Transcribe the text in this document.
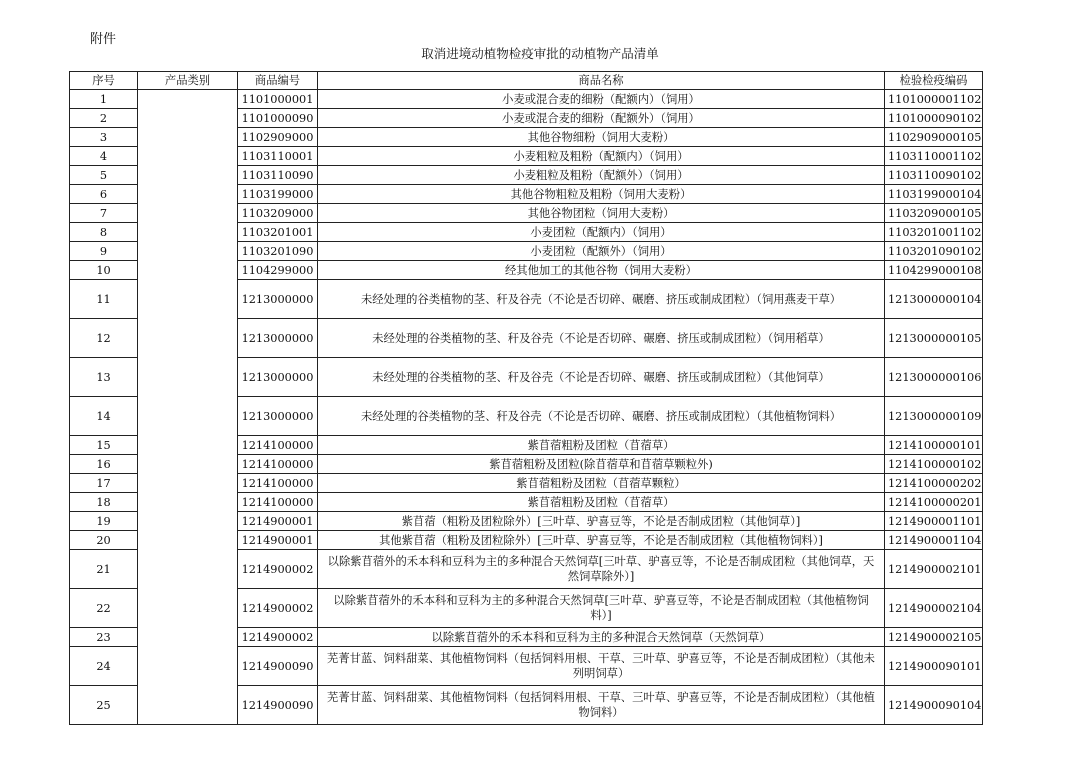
附件
取消进境动植物检疫审批的动植物产品清单
序号	产品类别	商品编号	商品名称	检验检疫编码
1		1101000001	小麦或混合麦的细粉（配额内）（饲用）	1101000001102
2		1101000090	小麦或混合麦的细粉（配额外）（饲用）	1101000090102
3		1102909000	其他谷物细粉（饲用大麦粉）	1102909000105
4		1103110001	小麦粗粒及粗粉（配额内）（饲用）	1103110001102
5		1103110090	小麦粗粒及粗粉（配额外）（饲用）	1103110090102
6		1103199000	其他谷物粗粒及粗粉（饲用大麦粉）	1103199000104
7		1103209000	其他谷物团粒（饲用大麦粉）	1103209000105
8		1103201001	小麦团粒（配额内）（饲用）	1103201001102
9		1103201090	小麦团粒（配额外）（饲用）	1103201090102
10		1104299000	经其他加工的其他谷物（饲用大麦粉）	1104299000108
11		1213000000	未经处理的谷类植物的茎、秆及谷壳（不论是否切碎、碾磨、挤压或制成团粒）（饲用燕麦干草）	1213000000104
12		1213000000	未经处理的谷类植物的茎、秆及谷壳（不论是否切碎、碾磨、挤压或制成团粒）（饲用稻草）	1213000000105
13		1213000000	未经处理的谷类植物的茎、秆及谷壳（不论是否切碎、碾磨、挤压或制成团粒）（其他饲草）	1213000000106
14		1213000000	未经处理的谷类植物的茎、秆及谷壳（不论是否切碎、碾磨、挤压或制成团粒）（其他植物饲料）	1213000000109
15		1214100000	紫苜蓿粗粉及团粒（苜蓿草）	1214100000101
16		1214100000	紫苜蓿粗粉及团粒(除苜蓿草和苜蓿草颗粒外)	1214100000102
17		1214100000	紫苜蓿粗粉及团粒（苜蓿草颗粒）	1214100000202
18		1214100000	紫苜蓿粗粉及团粒（苜蓿草）	1214100000201
19		1214900001	紫苜蓿（粗粉及团粒除外）[三叶草、驴喜豆等，不论是否制成团粒（其他饲草）]	1214900001101
20		1214900001	其他紫苜蓿（粗粉及团粒除外）[三叶草、驴喜豆等，不论是否制成团粒（其他植物饲料）]	1214900001104
21		1214900002	以除紫苜蓿外的禾本科和豆科为主的多种混合天然饲草[三叶草、驴喜豆等，不论是否制成团粒（其他饲草，天然饲草除外）]	1214900002101
22		1214900002	以除紫苜蓿外的禾本科和豆科为主的多种混合天然饲草[三叶草、驴喜豆等，不论是否制成团粒（其他植物饲料）]	1214900002104
23		1214900002	以除紫苜蓿外的禾本科和豆科为主的多种混合天然饲草（天然饲草）	1214900002105
24		1214900090	芜菁甘蓝、饲料甜菜、其他植物饲料（包括饲料用根、干草、三叶草、驴喜豆等，不论是否制成团粒）（其他未列明饲草）	1214900090101
25		1214900090	芜菁甘蓝、饲料甜菜、其他植物饲料（包括饲料用根、干草、三叶草、驴喜豆等，不论是否制成团粒）（其他植物饲料）	1214900090104
